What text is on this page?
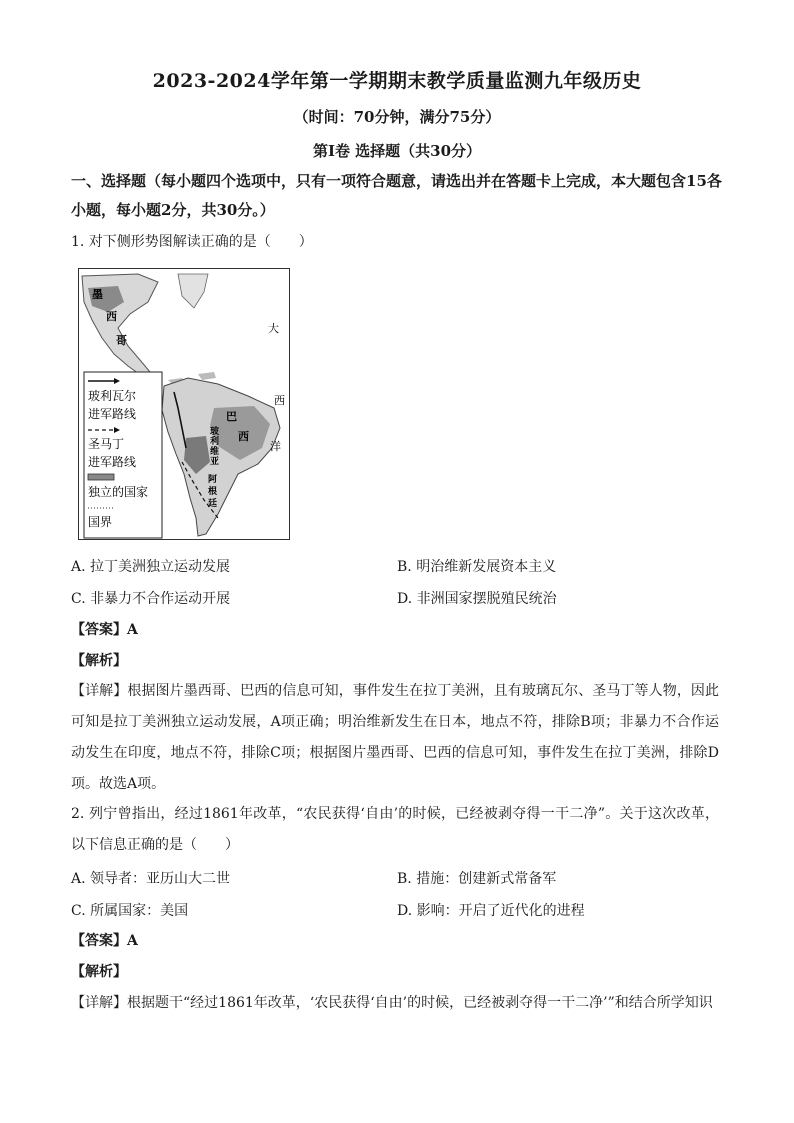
2023-2024学年第一学期期末教学质量监测九年级历史
（时间：70分钟，满分75分）
第Ⅰ卷 选择题（共30分）
一、选择题（每小题四个选项中，只有一项符合题意，请选出并在答题卡上完成，本大题包含15各小题，每小题2分，共30分。）
1. 对下侧形势图解读正确的是（　　）
墨
西
哥
巴
西
玻
利
维
亚
阿
根
廷
大
西
洋
玻利瓦尔
进军路线
圣马丁
进军路线
独立的国家
国界
A. 拉丁美洲独立运动发展	B. 明治维新发展资本主义
C. 非暴力不合作运动开展	D. 非洲国家摆脱殖民统治
【答案】A
【解析】
【详解】根据图片墨西哥、巴西的信息可知，事件发生在拉丁美洲，且有玻璃瓦尔、圣马丁等人物，因此可知是拉丁美洲独立运动发展，A项正确；明治维新发生在日本，地点不符，排除B项；非暴力不合作运动发生在印度，地点不符，排除C项；根据图片墨西哥、巴西的信息可知，事件发生在拉丁美洲，排除D项。故选A项。
2. 列宁曾指出，经过1861年改革，“农民获得‘自由’的时候，已经被剥夺得一干二净”。关于这次改革，以下信息正确的是（　　）
A. 领导者：亚历山大二世	B. 措施：创建新式常备军
C. 所属国家：美国	D. 影响：开启了近代化的进程
【答案】A
【解析】
【详解】根据题干“经过1861年改革，‘农民获得‘自由’的时候，已经被剥夺得一干二净’”和结合所学知识
